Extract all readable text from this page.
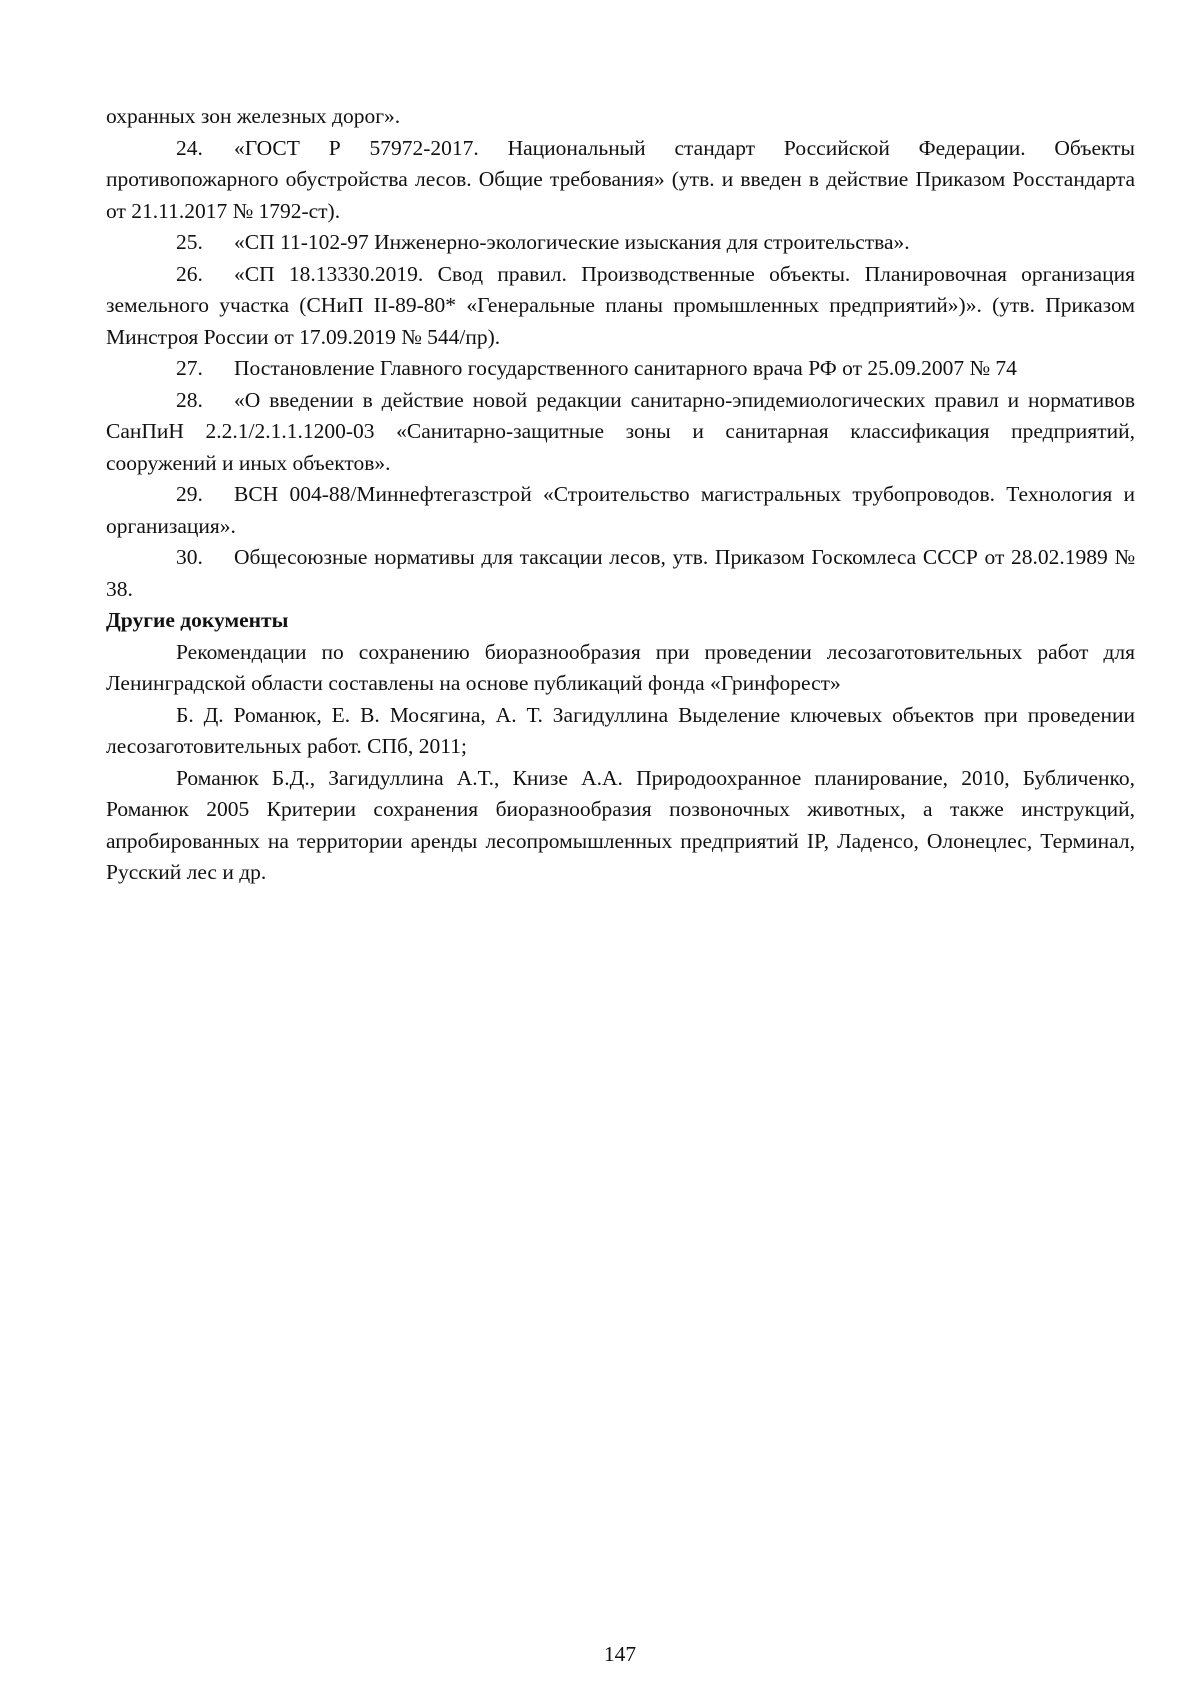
охранных зон железных дорог».

24. «ГОСТ Р 57972-2017. Национальный стандарт Российской Федерации. Объекты противопожарного обустройства лесов. Общие требования» (утв. и введен в действие Приказом Росстандарта от 21.11.2017 № 1792-ст).

25. «СП 11-102-97 Инженерно-экологические изыскания для строительства».

26. «СП 18.13330.2019. Свод правил. Производственные объекты. Планировочная организация земельного участка (СНиП II-89-80* «Генеральные планы промышленных предприятий»)». (утв. Приказом Минстроя России от 17.09.2019 № 544/пр).

27. Постановление Главного государственного санитарного врача РФ от 25.09.2007 № 74

28. «О введении в действие новой редакции санитарно-эпидемиологических правил и нормативов СанПиН 2.2.1/2.1.1.1200-03 «Санитарно-защитные зоны и санитарная классификация предприятий, сооружений и иных объектов».

29. ВСН 004-88/Миннефтегазстрой «Строительство магистральных трубопроводов. Технология и организация».

30. Общесоюзные нормативы для таксации лесов, утв. Приказом Госкомлеса СССР от 28.02.1989 № 38.

Другие документы

Рекомендации по сохранению биоразнообразия при проведении лесозаготовительных работ для Ленинградской области составлены на основе публикаций фонда «Гринфорест»

Б. Д. Романюк, Е. В. Мосягина, А. Т. Загидуллина Выделение ключевых объектов при проведении лесозаготовительных работ. СПб, 2011;

Романюк Б.Д., Загидуллина А.Т., Книзе А.А. Природоохранное планирование, 2010, Бубличенко, Романюк 2005 Критерии сохранения биоразнообразия позвоночных животных, а также инструкций, апробированных на территории аренды лесопромышленных предприятий IP, Ладенсо, Олонецлес, Терминал, Русский лес и др.

147
